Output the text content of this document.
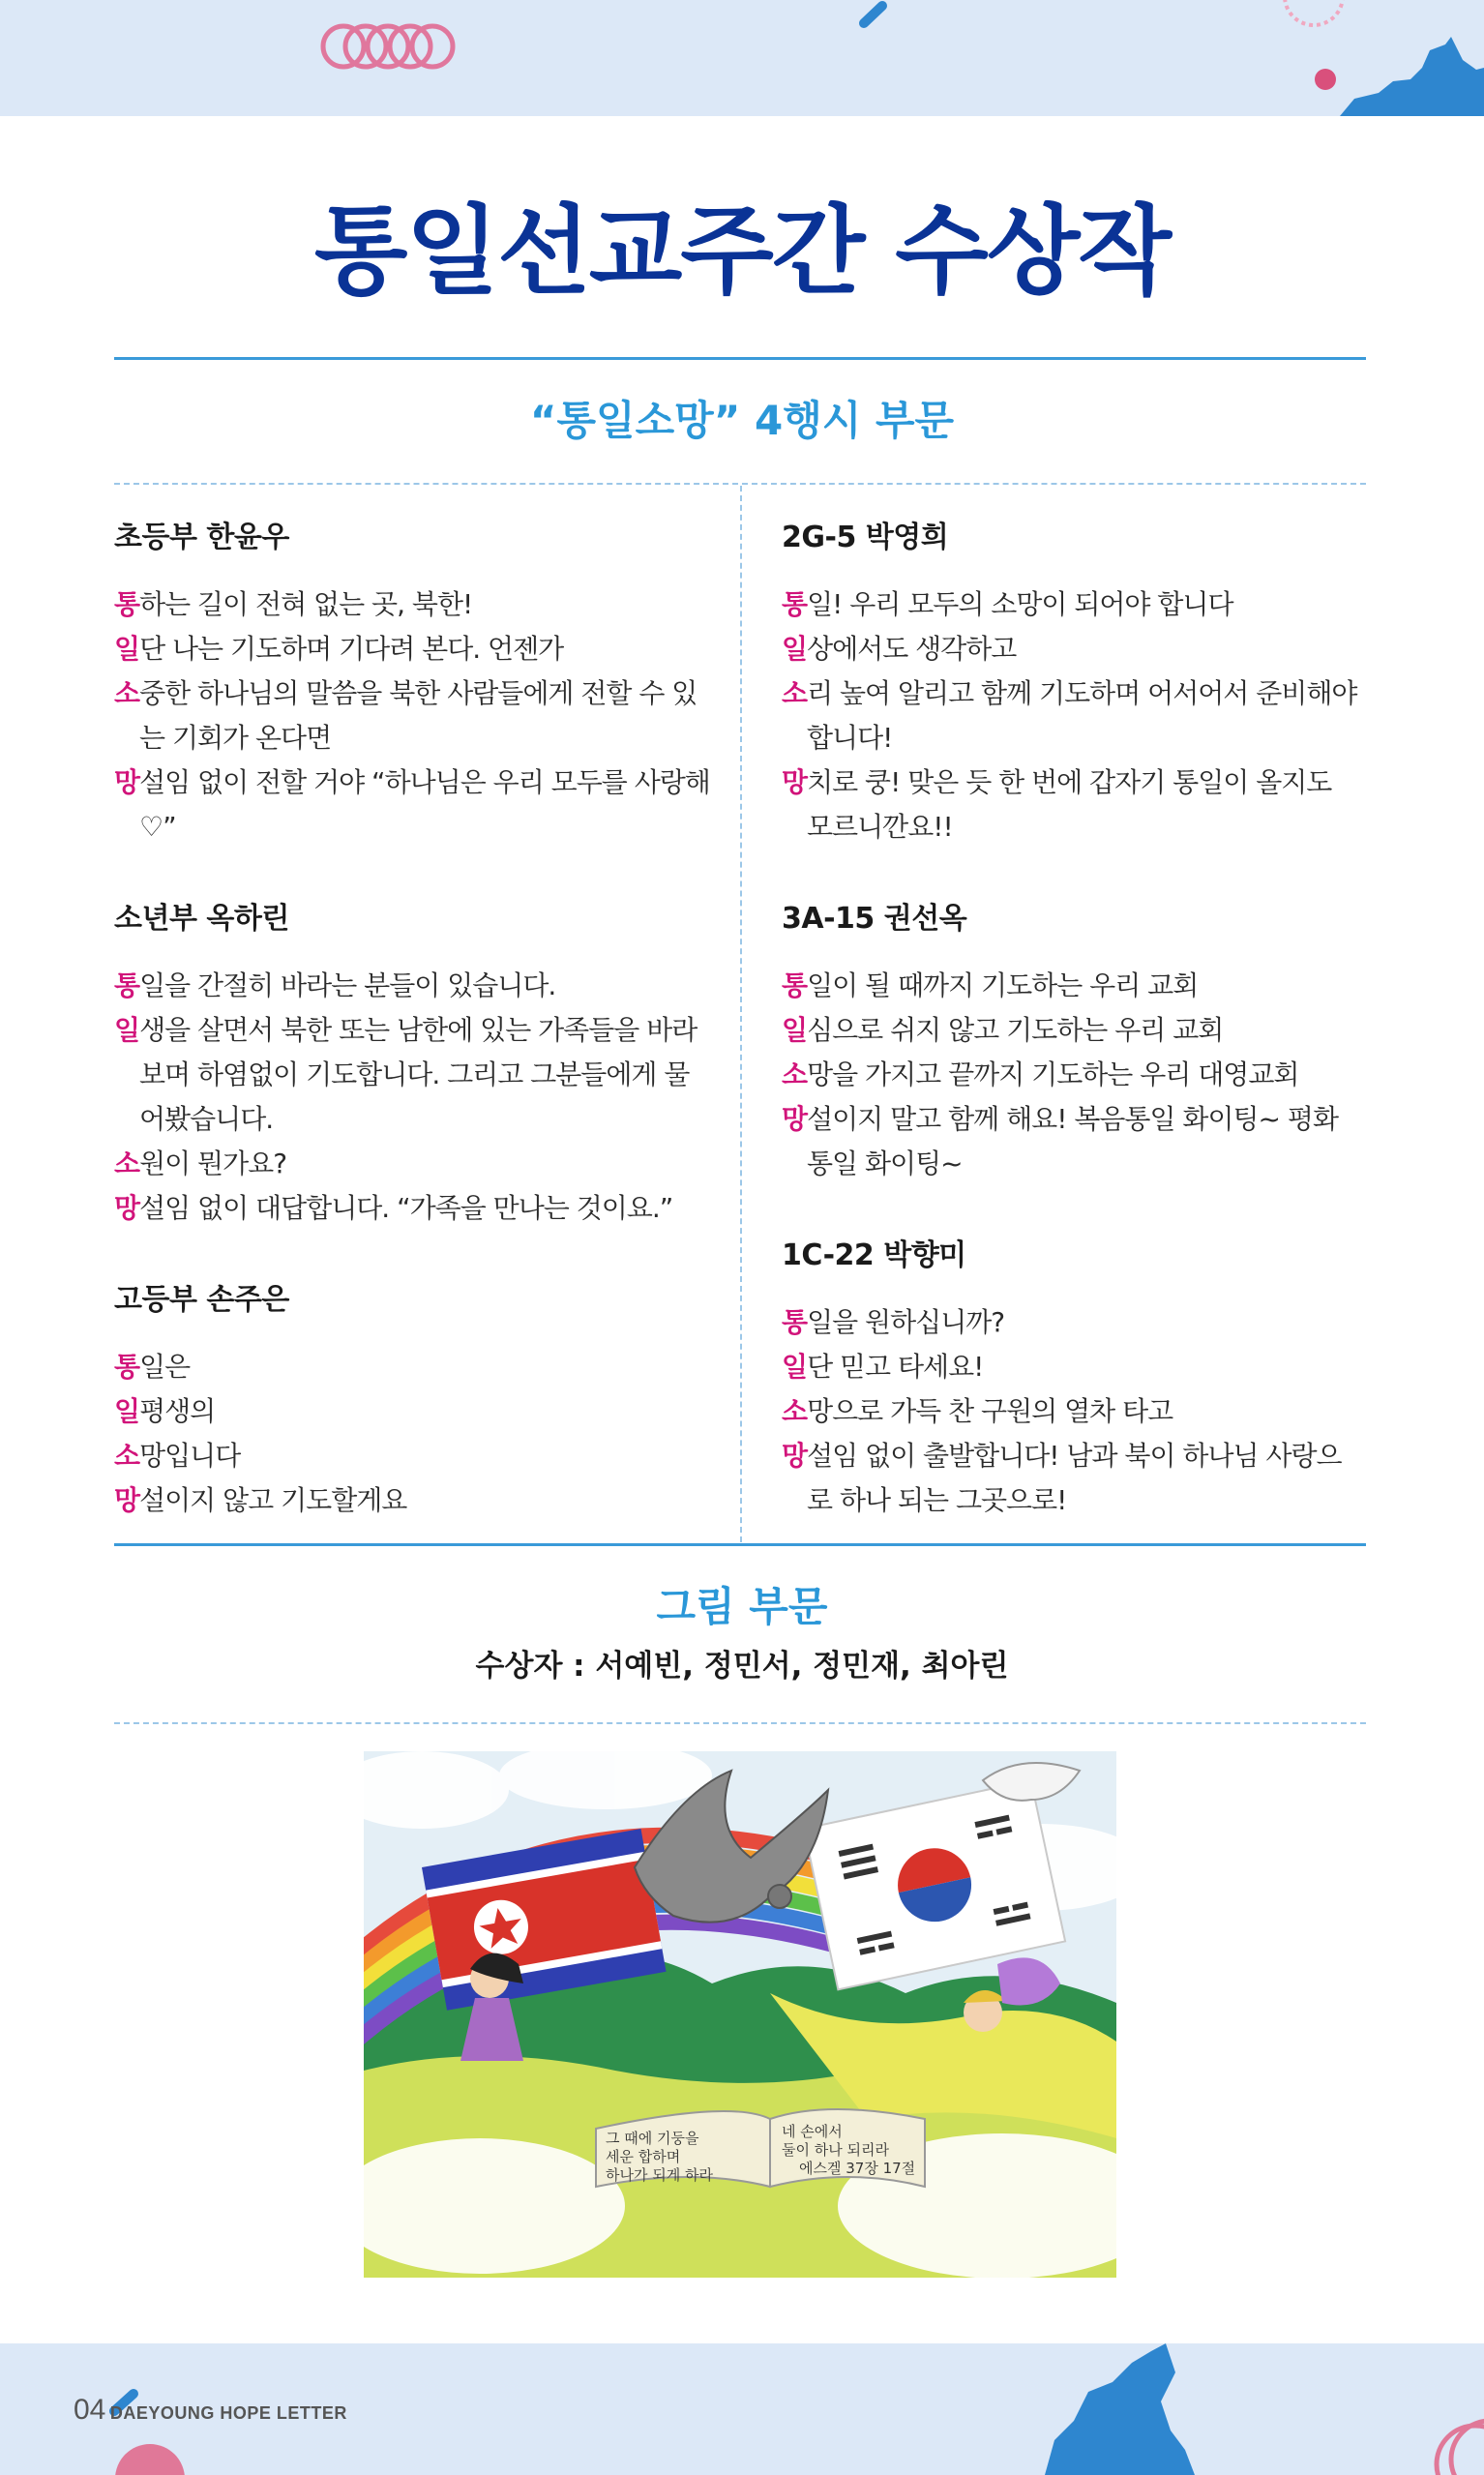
통일선교주간 수상작
“통일소망” 4행시 부문
초등부 한윤우
통하는 길이 전혀 없는 곳, 북한!
일단 나는 기도하며 기다려 본다. 언젠가
소중한 하나님의 말씀을 북한 사람들에게 전할 수 있는 기회가 온다면
망설임 없이 전할 거야 “하나님은 우리 모두를 사랑해♡”
소년부 옥하린
통일을 간절히 바라는 분들이 있습니다.
일생을 살면서 북한 또는 남한에 있는 가족들을 바라 보며 하염없이 기도합니다. 그리고 그분들에게 물어봤습니다.
소원이 뭔가요?
망설임 없이 대답합니다. “가족을 만나는 것이요.”
고등부 손주은
통일은
일평생의
소망입니다
망설이지 않고 기도할게요
2G-5 박영희
통일! 우리 모두의 소망이 되어야 합니다
일상에서도 생각하고
소리 높여 알리고 함께 기도하며 어서어서 준비해야 합니다!
망치로 쿵! 맞은 듯 한 번에 갑자기 통일이 올지도 모르니깐요!!
3A-15 권선옥
통일이 될 때까지 기도하는 우리 교회
일심으로 쉬지 않고 기도하는 우리 교회
소망을 가지고 끝까지 기도하는 우리 대영교회
망설이지 말고 함께 해요! 복음통일 화이팅~ 평화통일 화이팅~
1C-22 박향미
통일을 원하십니까?
일단 믿고 타세요!
소망으로 가득 찬 구원의 열차 타고
망설임 없이 출발합니다! 남과 북이 하나님 사랑으로 하나 되는 그곳으로!
그림 부문
수상자 : 서예빈, 정민서, 정민재, 최아린
그 때에 기둥을
세운 합하며
하나가 되게 하라
네 손에서
둘이 하나 되리라
에스겔 37장 17절
04 DAEYOUNG HOPE LETTER
